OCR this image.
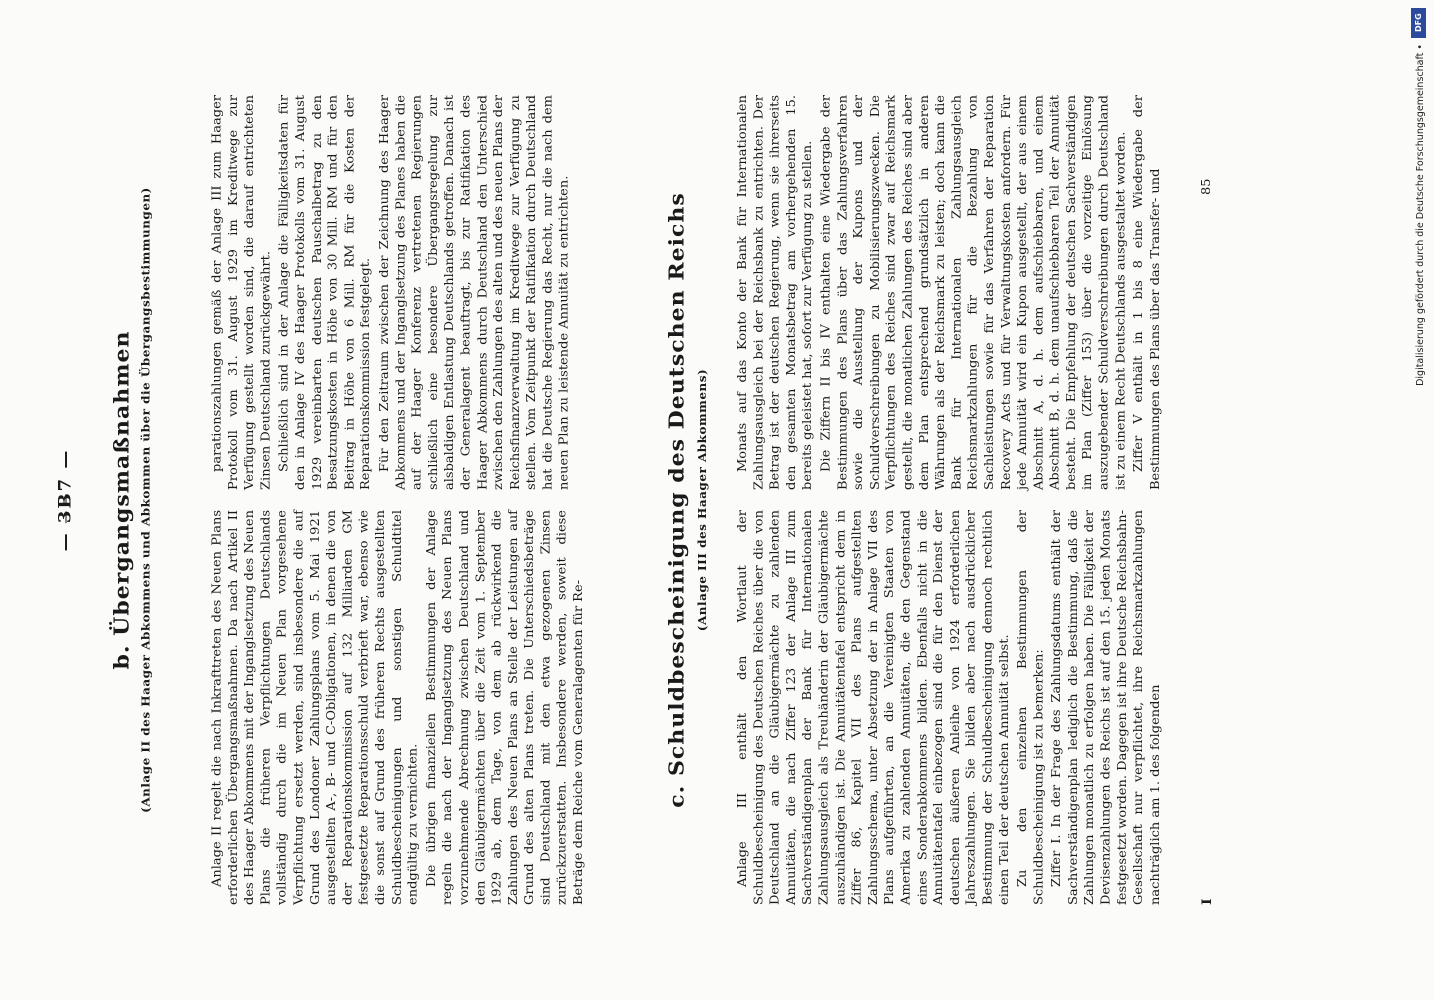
— 3̶B̶7 — b. Übergangsmaßnahmen (Anlage II des Haager Abkommens und Abkommen über die Übergangsbestimmungen)	Anlage II regelt die nach Inkrafttreten des Neuen Plans erforderlichen Übergangsmaßnahmen. Da nach Artikel II des Haager Abkommens mit der Inganglsetzung des Neuen Plans die früheren Verpflichtungen Deutschlands vollständig durch die im Neuen Plan vorgesehene Verpflichtung ersetzt werden, sind insbesondere die auf Grund des Londoner Zahlungsplans vom 5. Mai 1921 ausgestellten A-, B- und C-Obligationen, in denen die von der Reparationskommission auf 132 Milliarden GM festgesetzte Reparationsschuld verbrieft war, ebenso wie die sonst auf Grund des früheren Rechts ausgestellten Schuldbescheinigungen und sonstigen Schuldtitel endgültig zu vernichten. Die übrigen finanziellen Bestimmungen der Anlage regeln die nach der Inganglsetzung des Neuen Plans vorzunehmende Abrechnung zwischen Deutschland und den Gläubigermächten über die Zeit vom 1. September 1929 ab, dem Tage, von dem ab rückwirkend die Zahlungen des Neuen Plans an Stelle der Leistungen auf Grund des alten Plans treten. Die Unterschiedsbeträge sind Deutschland mit den etwa gezogenen Zinsen zurückzuerstatten. Insbesondere werden, soweit diese Beträge dem Reiche vom Generalagenten für Re-

parationszahlungen gemäß der Anlage III zum Haager Protokoll vom 31. August 1929 im Kreditwege zur Verfügung gestellt worden sind, die darauf entrichteten Zinsen Deutschland zurückgewährt. Schließlich sind in der Anlage die Fälligkeitsdaten für den in Anlage IV des Haager Protokolls vom 31. August 1929 vereinbarten deutschen Pauschalbetrag zu den Besatzungskosten in Höhe von 30 Mill. RM und für den Beitrag in Höhe von 6 Mill. RM für die Kosten der Reparationskommission festgelegt. Für den Zeitraum zwischen der Zeichnung des Haager Abkommens und der Inganglsetzung des Planes haben die auf der Haager Konferenz vertretenen Regierungen schließlich eine besondere Übergangsregelung zur alsbaldigen Entlastung Deutschlands getroffen. Danach ist der Generalagent beauftragt, bis zur Ratifikation des Haager Abkommens durch Deutschland den Unterschied zwischen den Zahlungen des alten und des neuen Plans der Reichsfinanzverwaltung im Kreditwege zur Verfügung zu stellen. Vom Zeitpunkt der Ratifikation durch Deutschland hat die Deutsche Regierung das Recht, nur die nach dem neuen Plan zu leistende Annuität zu entrichten.	c. Schuldbescheinigung des Deutschen Reichs (Anlage III des Haager Abkommens)

Anlage III enthält den Wortlaut der Schuldbescheinigung des Deutschen Reiches über die von Deutschland an die Gläubigermächte zu zahlenden Annuitäten, die nach Ziffer 123 der Anlage III zum Sachverständigenplan der Bank für Internationalen Zahlungsausgleich als Treuhänderin der Gläubigermächte auszuhändigen ist. Die Annuitätentafel entspricht dem in Ziffer 86, Kapitel VII des Plans aufgestellten Zahlungsschema, unter Absetzung der in Anlage VII des Plans aufgeführten, an die Vereinigten Staaten von Amerika zu zahlenden Annuitäten, die den Gegenstand eines Sonderabkommens bilden. Ebenfalls nicht in die Annuitätentafel einbezogen sind die für den Dienst der deutschen äußeren Anleihe von 1924 erforderlichen Jahreszahlungen. Sie bilden aber nach ausdrücklicher Bestimmung der Schuldbescheinigung dennoch rechtlich einen Teil der deutschen Annuität selbst. Zu den einzelnen Bestimmungen der Schuldbescheinigung ist zu bemerken: Ziffer I. In der Frage des Zahlungsdatums enthält der Sachverständigenplan lediglich die Bestimmung, daß die Zahlungen monatlich zu erfolgen haben. Die Fälligkeit der Devisenzahlungen des Reichs ist auf den 15. jeden Monats festgesetzt worden. Dagegen ist ihre Deutsche Reichsbahn-Gesellschaft nur verpflichtet, ihre Reichsmarkzahlungen nachträglich am 1. des folgenden

Monats auf das Konto der Bank für Internationalen Zahlungsausgleich bei der Reichsbank zu entrichten. Der Betrag ist der deutschen Regierung, wenn sie ihrerseits den gesamten Monatsbetrag am vorhergehenden 15. bereits geleistet hat, sofort zur Verfügung zu stellen. Die Ziffern II bis IV enthalten eine Wiedergabe der Bestimmungen des Plans über das Zahlungsverfahren sowie die Ausstellung der Kupons und der Schuldverschreibungen zu Mobilisierungszwecken. Die Verpflichtungen des Reiches sind zwar auf Reichsmark gestellt, die monatlichen Zahlungen des Reiches sind aber dem Plan entsprechend grundsätzlich in anderen Währungen als der Reichsmark zu leisten; doch kann die Bank für Internationalen Zahlungsausgleich Reichsmarkzahlungen für die Bezahlung von Sachleistungen sowie für das Verfahren der Reparation Recovery Acts und für Verwaltungskosten anfordern. Für jede Annuität wird ein Kupon ausgestellt, der aus einem Abschnitt A, d. h. dem aufschiebbaren, und einem Abschnitt B, d. h. dem unaufschiebbaren Teil der Annuität besteht. Die Empfehlung der deutschen Sachverständigen im Plan (Ziffer 153) über die vorzeitige Einlösung auszugebender Schuldverschreibungen durch Deutschland ist zu einem Recht Deutschlands ausgestaltet worden. Ziffer V enthält in 1 bis 8 eine Wiedergabe der Bestimmungen des Plans über das Transfer- und

I
85
DFG
Digitalisierung gefördert durch die Deutsche Forschungsgemeinschaft •
